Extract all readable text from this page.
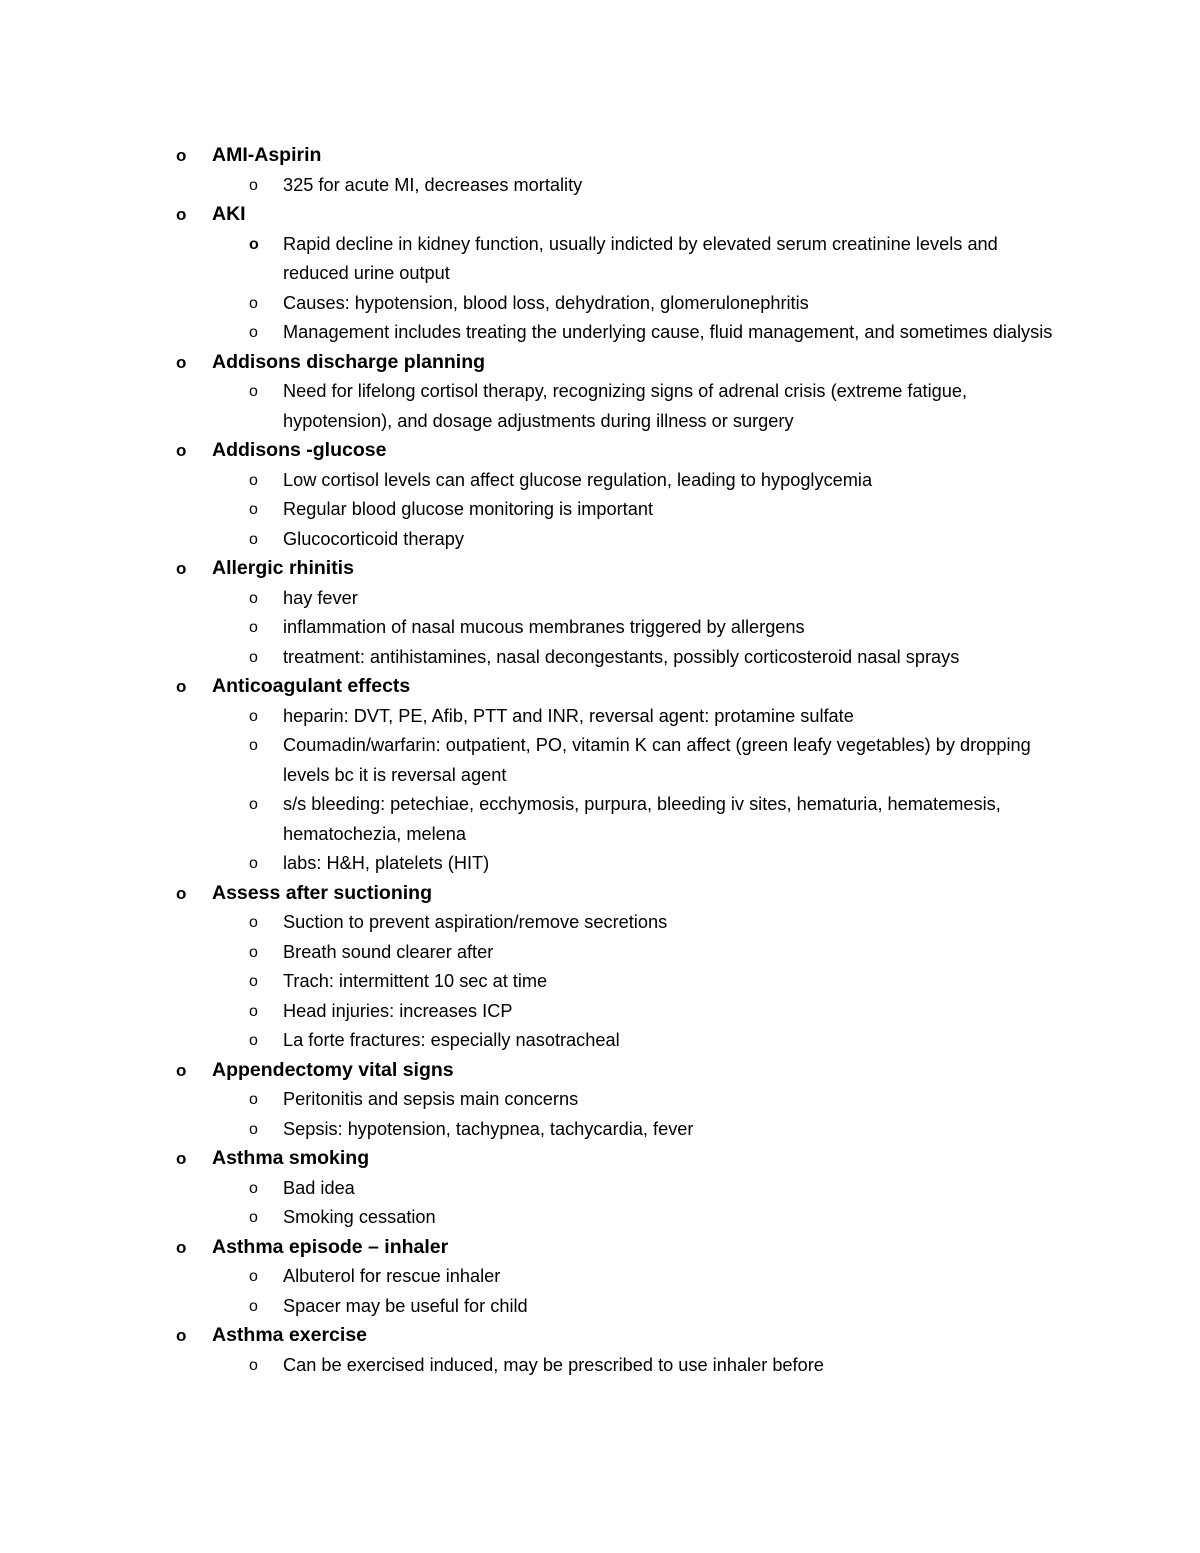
o AMI-Aspirin
o 325 for acute MI, decreases mortality
o AKI
o Rapid decline in kidney function, usually indicted by elevated serum creatinine levels and reduced urine output
o Causes: hypotension, blood loss, dehydration, glomerulonephritis
o Management includes treating the underlying cause, fluid management, and sometimes dialysis
o Addisons discharge planning
o Need for lifelong cortisol therapy, recognizing signs of adrenal crisis (extreme fatigue, hypotension), and dosage adjustments during illness or surgery
o Addisons -glucose
o Low cortisol levels can affect glucose regulation, leading to hypoglycemia
o Regular blood glucose monitoring is important
o Glucocorticoid therapy
o Allergic rhinitis
o hay fever
o inflammation of nasal mucous membranes triggered by allergens
o treatment: antihistamines, nasal decongestants, possibly corticosteroid nasal sprays
o Anticoagulant effects
o heparin: DVT, PE, Afib, PTT and INR, reversal agent: protamine sulfate
o Coumadin/warfarin: outpatient, PO, vitamin K can affect (green leafy vegetables) by dropping levels bc it is reversal agent
o s/s bleeding: petechiae, ecchymosis, purpura, bleeding iv sites, hematuria, hematemesis, hematochezia, melena
o labs: H&H, platelets (HIT)
o Assess after suctioning
o Suction to prevent aspiration/remove secretions
o Breath sound clearer after
o Trach: intermittent 10 sec at time
o Head injuries: increases ICP
o La forte fractures: especially nasotracheal
o Appendectomy vital signs
o Peritonitis and sepsis main concerns
o Sepsis: hypotension, tachypnea, tachycardia, fever
o Asthma smoking
o Bad idea
o Smoking cessation
o Asthma episode – inhaler
o Albuterol for rescue inhaler
o Spacer may be useful for child
o Asthma exercise
o Can be exercised induced, may be prescribed to use inhaler before
